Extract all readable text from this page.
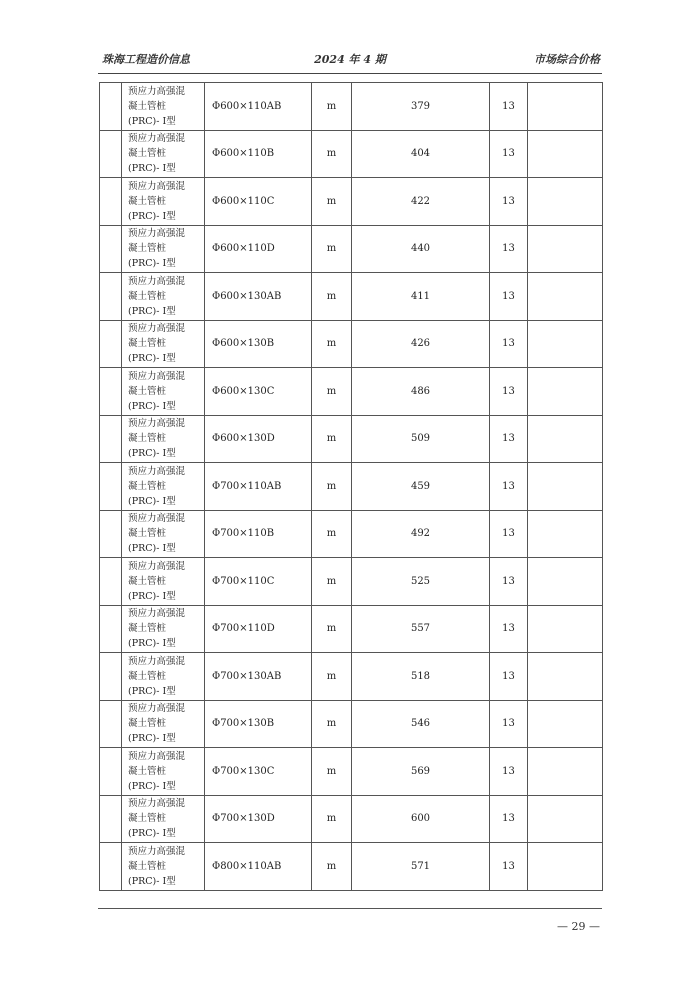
珠海工程造价信息	2024 年 4 期	市场综合价格

	预应力高强混
凝土管桩
(PRC)- Ⅰ型	Φ600×110AB	m	379	13	

	预应力高强混
凝土管桩
(PRC)- Ⅰ型	Φ600×110B	m	404	13	

	预应力高强混
凝土管桩
(PRC)- Ⅰ型	Φ600×110C	m	422	13	

	预应力高强混
凝土管桩
(PRC)- Ⅰ型	Φ600×110D	m	440	13	

	预应力高强混
凝土管桩
(PRC)- Ⅰ型	Φ600×130AB	m	411	13	

	预应力高强混
凝土管桩
(PRC)- Ⅰ型	Φ600×130B	m	426	13	

	预应力高强混
凝土管桩
(PRC)- Ⅰ型	Φ600×130C	m	486	13	

	预应力高强混
凝土管桩
(PRC)- Ⅰ型	Φ600×130D	m	509	13	

	预应力高强混
凝土管桩
(PRC)- Ⅰ型	Φ700×110AB	m	459	13	

	预应力高强混
凝土管桩
(PRC)- Ⅰ型	Φ700×110B	m	492	13	

	预应力高强混
凝土管桩
(PRC)- Ⅰ型	Φ700×110C	m	525	13	

	预应力高强混
凝土管桩
(PRC)- Ⅰ型	Φ700×110D	m	557	13	

	预应力高强混
凝土管桩
(PRC)- Ⅰ型	Φ700×130AB	m	518	13	

	预应力高强混
凝土管桩
(PRC)- Ⅰ型	Φ700×130B	m	546	13	

	预应力高强混
凝土管桩
(PRC)- Ⅰ型	Φ700×130C	m	569	13	

	预应力高强混
凝土管桩
(PRC)- Ⅰ型	Φ700×130D	m	600	13	

	预应力高强混
凝土管桩
(PRC)- Ⅰ型	Φ800×110AB	m	571	13	
— 29 —
